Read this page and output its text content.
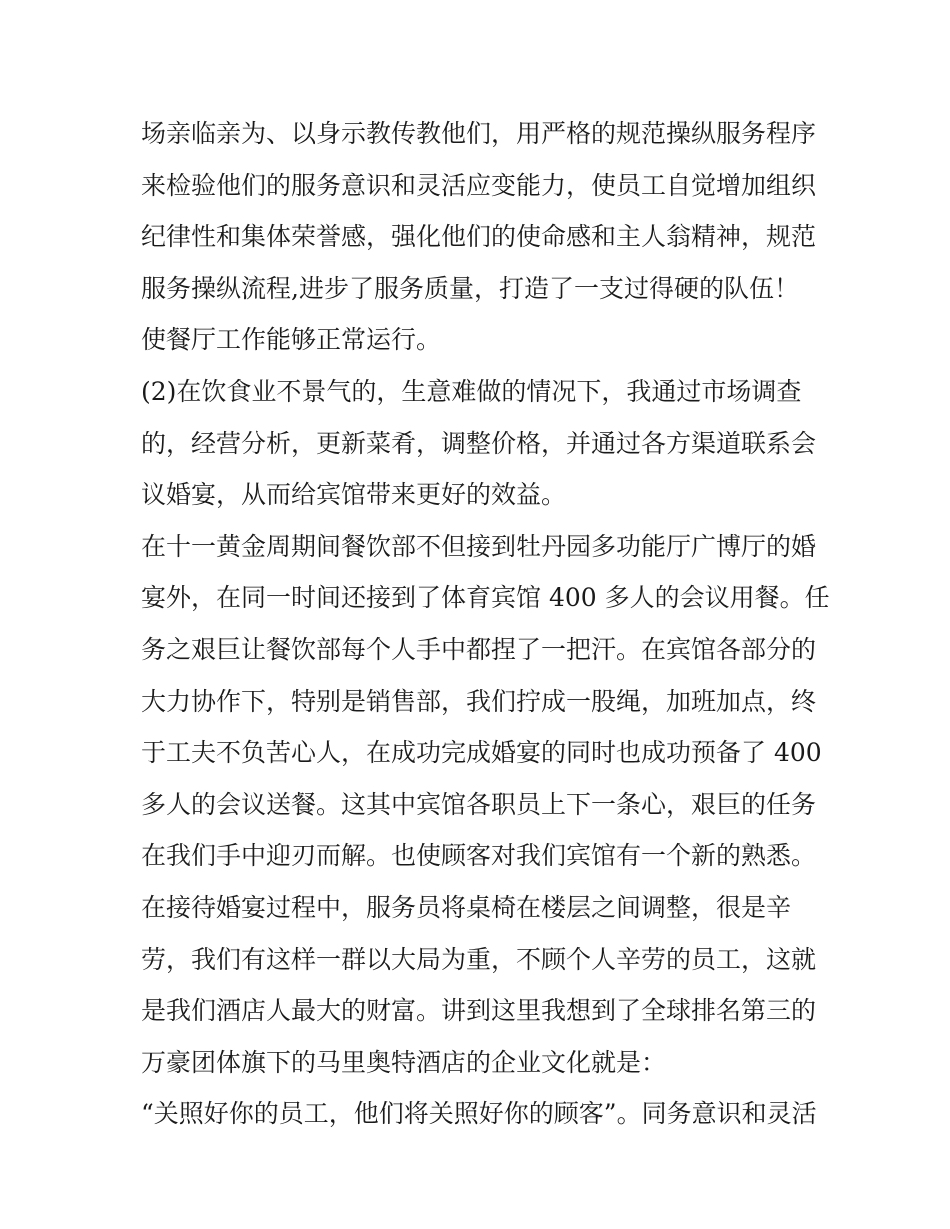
场亲临亲为、以身示教传教他们，用严格的规范操纵服务程序
来检验他们的服务意识和灵活应变能力，使员工自觉增加组织
纪律性和集体荣誉感，强化他们的使命感和主人翁精神，规范
服务操纵流程,进步了服务质量，打造了一支过得硬的队伍！
使餐厅工作能够正常运行。
(2)在饮食业不景气的，生意难做的情况下，我通过市场调查
的，经营分析，更新菜肴，调整价格，并通过各方渠道联系会
议婚宴，从而给宾馆带来更好的效益。
在十一黄金周期间餐饮部不但接到牡丹园多功能厅广博厅的婚
宴外，在同一时间还接到了体育宾馆 400 多人的会议用餐。任
务之艰巨让餐饮部每个人手中都捏了一把汗。在宾馆各部分的
大力协作下，特别是销售部，我们拧成一股绳，加班加点，终
于工夫不负苦心人，在成功完成婚宴的同时也成功预备了 400
多人的会议送餐。这其中宾馆各职员上下一条心，艰巨的任务
在我们手中迎刃而解。也使顾客对我们宾馆有一个新的熟悉。
在接待婚宴过程中，服务员将桌椅在楼层之间调整，很是辛
劳，我们有这样一群以大局为重，不顾个人辛劳的员工，这就
是我们酒店人最大的财富。讲到这里我想到了全球排名第三的
万豪团体旗下的马里奥特酒店的企业文化就是：
“关照好你的员工，他们将关照好你的顾客”。同务意识和灵活
